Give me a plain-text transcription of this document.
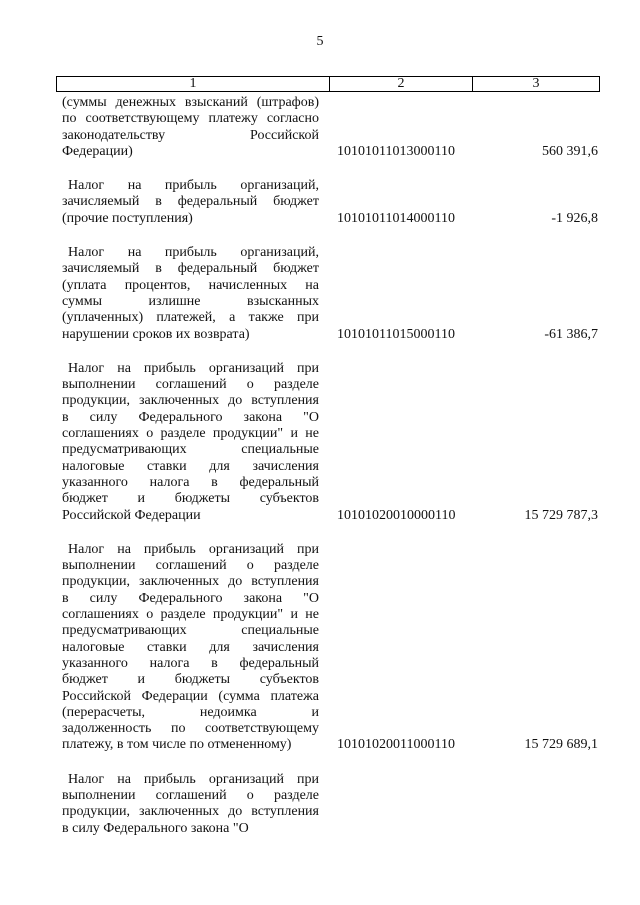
5
1	2	3
(суммы денежных взысканий (штрафов)
по соответствующему платежу согласно
законодательству Российской
Федерации)	10101011013000110	560 391,6
Налог на прибыль организаций,
зачисляемый в федеральный бюджет
(прочие поступления)	10101011014000110	-1 926,8
Налог на прибыль организаций,
зачисляемый в федеральный бюджет
(уплата процентов, начисленных на
суммы излишне взысканных
(уплаченных) платежей, а также при
нарушении сроков их возврата)	10101011015000110	-61 386,7
Налог на прибыль организаций при
выполнении соглашений о разделе
продукции, заключенных до вступления
в силу Федерального закона "О
соглашениях о разделе продукции" и не
предусматривающих специальные
налоговые ставки для зачисления
указанного налога в федеральный
бюджет и бюджеты субъектов
Российской Федерации	10101020010000110	15 729 787,3
Налог на прибыль организаций при
выполнении соглашений о разделе
продукции, заключенных до вступления
в силу Федерального закона "О
соглашениях о разделе продукции" и не
предусматривающих специальные
налоговые ставки для зачисления
указанного налога в федеральный
бюджет и бюджеты субъектов
Российской Федерации (сумма платежа
(перерасчеты, недоимка и
задолженность по соответствующему
платежу, в том числе по отмененному)	10101020011000110	15 729 689,1
Налог на прибыль организаций при
выполнении соглашений о разделе
продукции, заключенных до вступления
в силу Федерального закона "О
